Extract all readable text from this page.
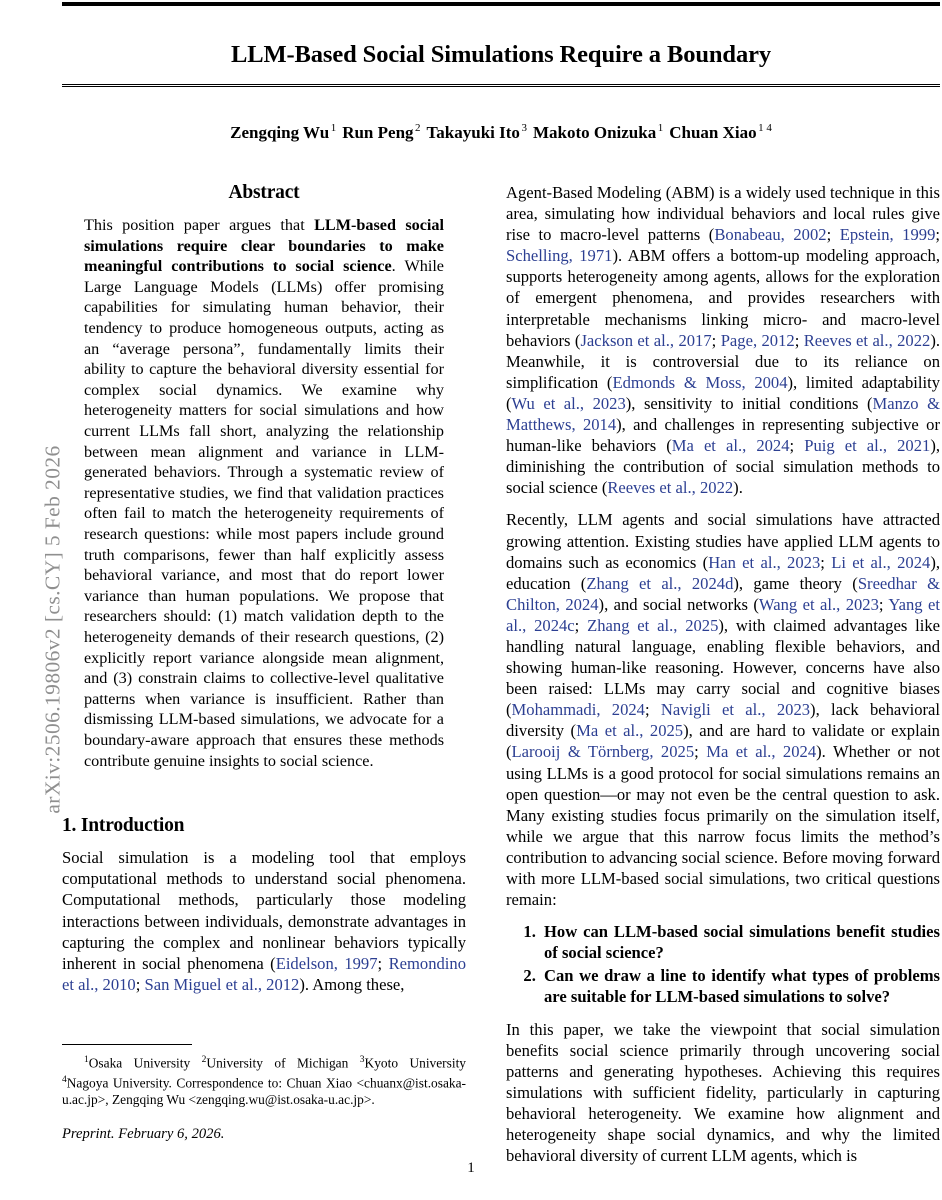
arXiv:2506.19806v2 [cs.CY] 5 Feb 2026
LLM-Based Social Simulations Require a Boundary
Zengqing Wu $^1$ Run Peng $^2$ Takayuki Ito $^3$ Makoto Onizuka $^1$ Chuan Xiao $^{1 4}$
Abstract
This position paper argues that LLM-based social simulations require clear boundaries to make meaningful contributions to social science. While Large Language Models (LLMs) offer promising capabilities for simulating human behavior, their tendency to produce homogeneous outputs, acting as an “average persona”, fundamentally limits their ability to capture the behavioral diversity essential for complex social dynamics. We examine why heterogeneity matters for social simulations and how current LLMs fall short, analyzing the relationship between mean alignment and variance in LLM-generated behaviors. Through a systematic review of representative studies, we find that validation practices often fail to match the heterogeneity requirements of research questions: while most papers include ground truth comparisons, fewer than half explicitly assess behavioral variance, and most that do report lower variance than human populations. We propose that researchers should: (1) match validation depth to the heterogeneity demands of their research questions, (2) explicitly report variance alongside mean alignment, and (3) constrain claims to collective-level qualitative patterns when variance is insufficient. Rather than dismissing LLM-based simulations, we advocate for a boundary-aware approach that ensures these methods contribute genuine insights to social science.
1. Introduction

Social simulation is a modeling tool that employs computational methods to understand social phenomena. Computational methods, particularly those modeling interactions between individuals, demonstrate advantages in capturing the complex and nonlinear behaviors typically inherent in social phenomena (Eidelson, 1997; Remondino et al., 2010; San Miguel et al., 2012). Among these,

Agent-Based Modeling (ABM) is a widely used technique in this area, simulating how individual behaviors and local rules give rise to macro-level patterns (Bonabeau, 2002; Epstein, 1999; Schelling, 1971). ABM offers a bottom-up modeling approach, supports heterogeneity among agents, allows for the exploration of emergent phenomena, and provides researchers with interpretable mechanisms linking micro- and macro-level behaviors (Jackson et al., 2017; Page, 2012; Reeves et al., 2022). Meanwhile, it is controversial due to its reliance on simplification (Edmonds & Moss, 2004), limited adaptability (Wu et al., 2023), sensitivity to initial conditions (Manzo & Matthews, 2014), and challenges in representing subjective or human-like behaviors (Ma et al., 2024; Puig et al., 2021), diminishing the contribution of social simulation methods to social science (Reeves et al., 2022).

Recently, LLM agents and social simulations have attracted growing attention. Existing studies have applied LLM agents to domains such as economics (Han et al., 2023; Li et al., 2024), education (Zhang et al., 2024d), game theory (Sreedhar & Chilton, 2024), and social networks (Wang et al., 2023; Yang et al., 2024c; Zhang et al., 2025), with claimed advantages like handling natural language, enabling flexible behaviors, and showing human-like reasoning. However, concerns have also been raised: LLMs may carry social and cognitive biases (Mohammadi, 2024; Navigli et al., 2023), lack behavioral diversity (Ma et al., 2025), and are hard to validate or explain (Larooij & Törnberg, 2025; Ma et al., 2024). Whether or not using LLMs is a good protocol for social simulations remains an open question—or may not even be the central question to ask. Many existing studies focus primarily on the simulation itself, while we argue that this narrow focus limits the method’s contribution to advancing social science. Before moving forward with more LLM-based social simulations, two critical questions remain:

1. How can LLM-based social simulations benefit studies of social science?
2. Can we draw a line to identify what types of problems are suitable for LLM-based simulations to solve?

In this paper, we take the viewpoint that social simulation benefits social science primarily through uncovering social patterns and generating hypotheses. Achieving this requires simulations with sufficient fidelity, particularly in capturing behavioral heterogeneity. We examine how alignment and heterogeneity shape social dynamics, and why the limited behavioral diversity of current LLM agents, which is

$^1$Osaka University $^2$University of Michigan $^3$Kyoto University $^4$Nagoya University. Correspondence to: Chuan Xiao <chuanx@ist.osaka-u.ac.jp>, Zengqing Wu <zengqing.wu@ist.osaka-u.ac.jp>.
Preprint. February 6, 2026.
1
